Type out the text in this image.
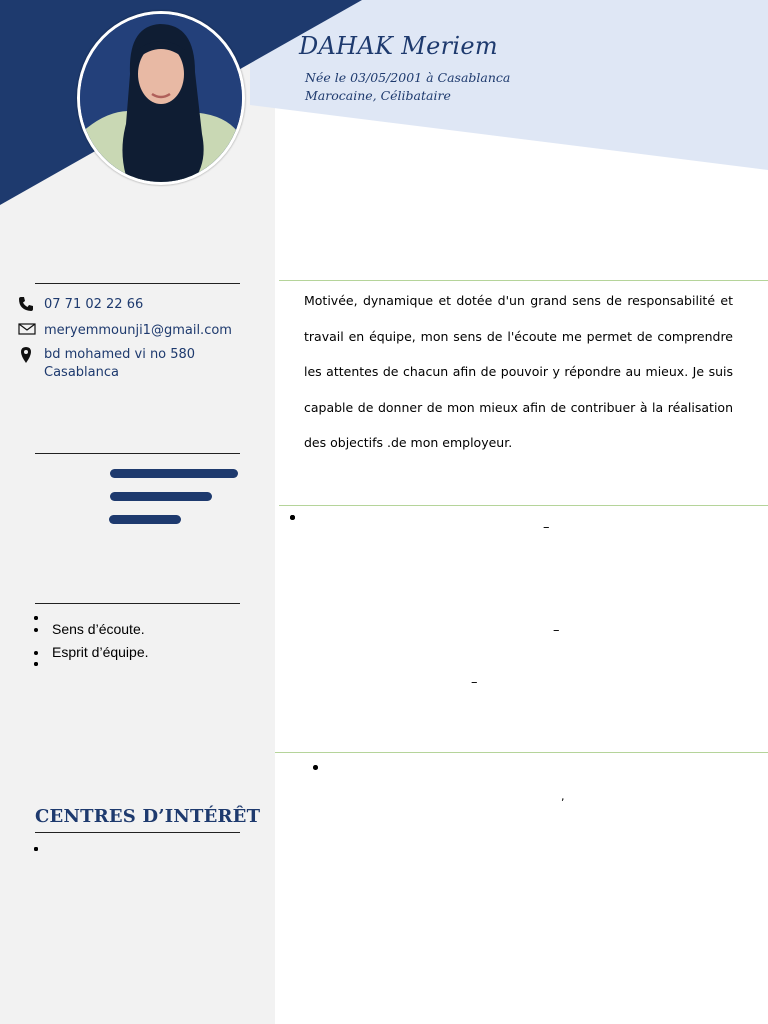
DAHAK Meriem
Née le 03/05/2001 à Casablanca
Marocaine, Célibataire
07 71 02 22 66
meryemmounji1@gmail.com
bd mohamed vi no 580
Casablanca
Sens d’écoute.
Esprit d’équipe.
CENTRES D’INTÉRÊT

Motivée, dynamique et dotée d'un grand sens de responsabilité et travail en équipe, mon sens de l'écoute me permet de comprendre les attentes de chacun afin de pouvoir y répondre au mieux. Je suis capable de donner de mon mieux afin de contribuer à la réalisation des objectifs .de mon employeur.

–
–
–
,
